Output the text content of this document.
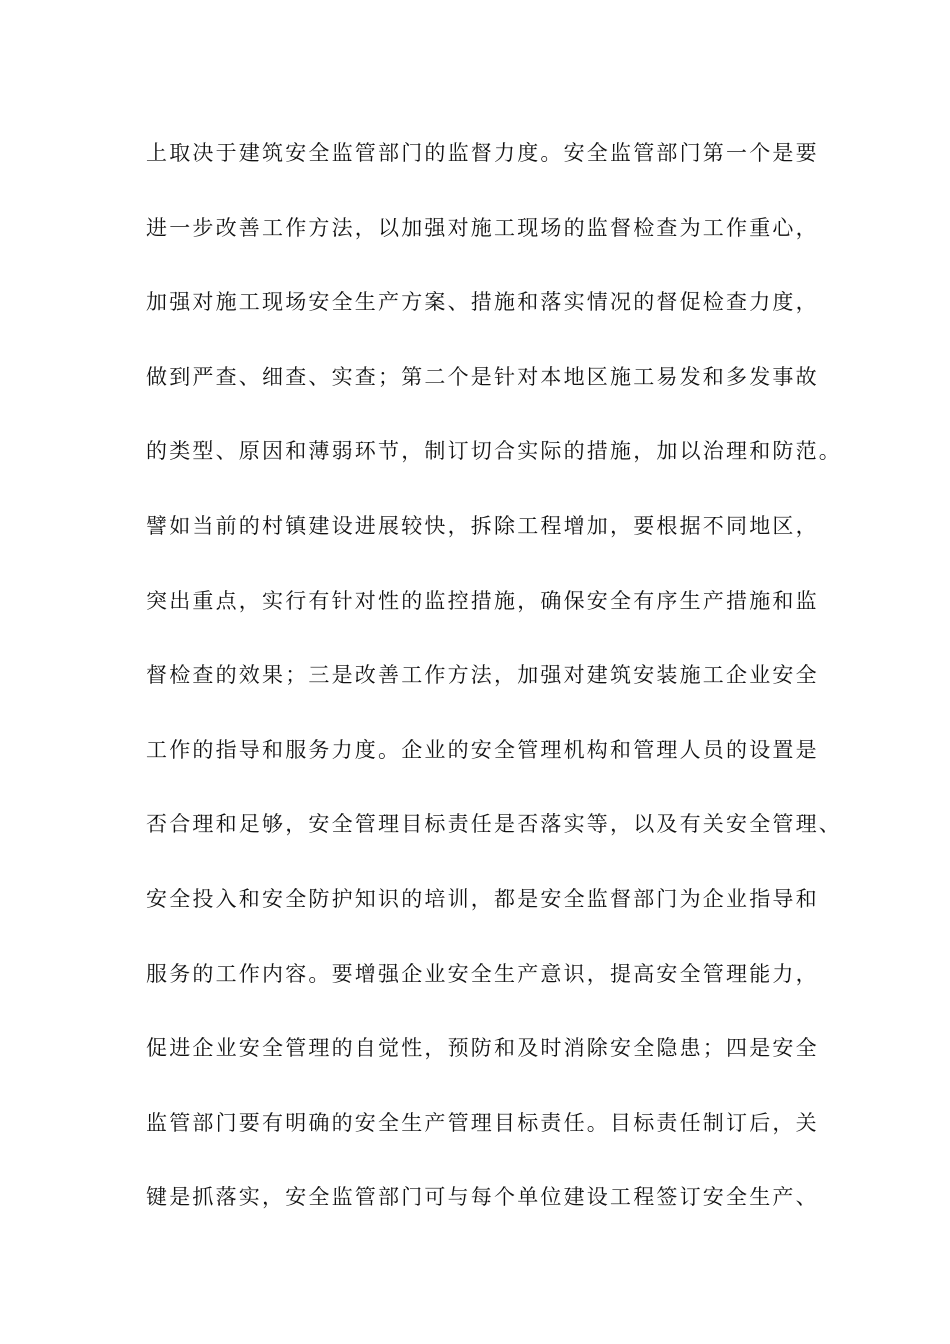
上取决于建筑安全监管部门的监督力度。安全监管部门第一个是要
进一步改善工作方法，以加强对施工现场的监督检查为工作重心，
加强对施工现场安全生产方案、措施和落实情况的督促检查力度，
做到严查、细查、实查；第二个是针对本地区施工易发和多发事故
的类型、原因和薄弱环节，制订切合实际的措施，加以治理和防范。
譬如当前的村镇建设进展较快，拆除工程增加，要根据不同地区，
突出重点，实行有针对性的监控措施，确保安全有序生产措施和监
督检查的效果；三是改善工作方法，加强对建筑安装施工企业安全
工作的指导和服务力度。企业的安全管理机构和管理人员的设置是
否合理和足够，安全管理目标责任是否落实等，以及有关安全管理、
安全投入和安全防护知识的培训，都是安全监督部门为企业指导和
服务的工作内容。要增强企业安全生产意识，提高安全管理能力，
促进企业安全管理的自觉性，预防和及时消除安全隐患；四是安全
监管部门要有明确的安全生产管理目标责任。目标责任制订后，关
键是抓落实，安全监管部门可与每个单位建设工程签订安全生产、
